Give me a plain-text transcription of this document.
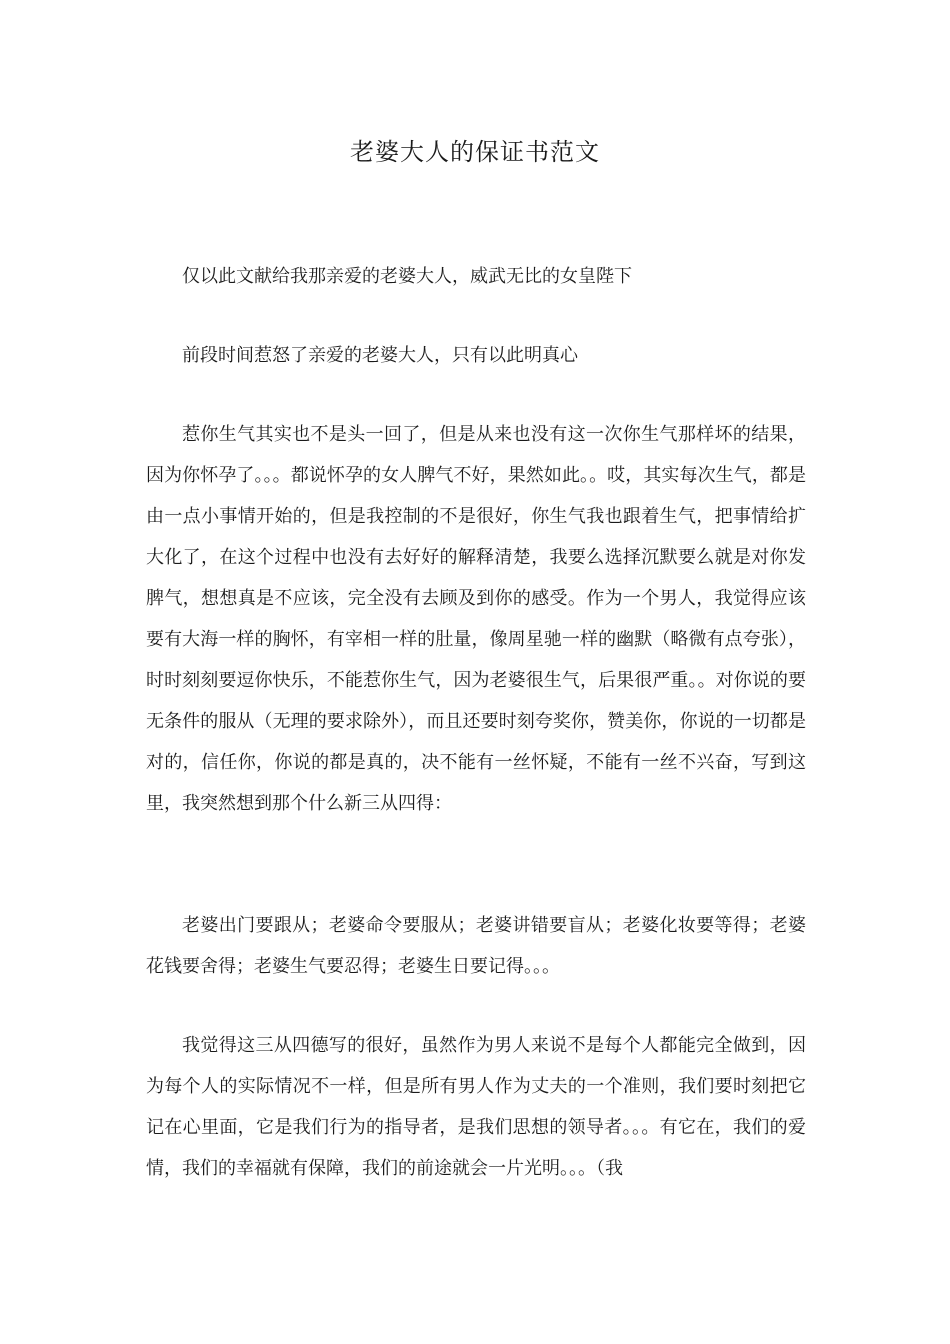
老婆大人的保证书范文

仅以此文献给我那亲爱的老婆大人，威武无比的女皇陛下

前段时间惹怒了亲爱的老婆大人，只有以此明真心

惹你生气其实也不是头一回了，但是从来也没有这一次你生气那样坏的结果，因为你怀孕了。。。都说怀孕的女人脾气不好，果然如此。。哎，其实每次生气，都是由一点小事情开始的，但是我控制的不是很好，你生气我也跟着生气，把事情给扩大化了，在这个过程中也没有去好好的解释清楚，我要么选择沉默要么就是对你发脾气，想想真是不应该，完全没有去顾及到你的感受。作为一个男人，我觉得应该要有大海一样的胸怀，有宰相一样的肚量，像周星驰一样的幽默（略微有点夸张），时时刻刻要逗你快乐，不能惹你生气，因为老婆很生气，后果很严重。。对你说的要无条件的服从（无理的要求除外），而且还要时刻夸奖你，赞美你，你说的一切都是对的，信任你，你说的都是真的，决不能有一丝怀疑，不能有一丝不兴奋，写到这里，我突然想到那个什么新三从四得：

老婆出门要跟从；老婆命令要服从；老婆讲错要盲从；老婆化妆要等得；老婆花钱要舍得；老婆生气要忍得；老婆生日要记得。。。

我觉得这三从四德写的很好，虽然作为男人来说不是每个人都能完全做到，因为每个人的实际情况不一样，但是所有男人作为丈夫的一个准则，我们要时刻把它记在心里面，它是我们行为的指导者，是我们思想的领导者。。。有它在，我们的爱情，我们的幸福就有保障，我们的前途就会一片光明。。。（我
